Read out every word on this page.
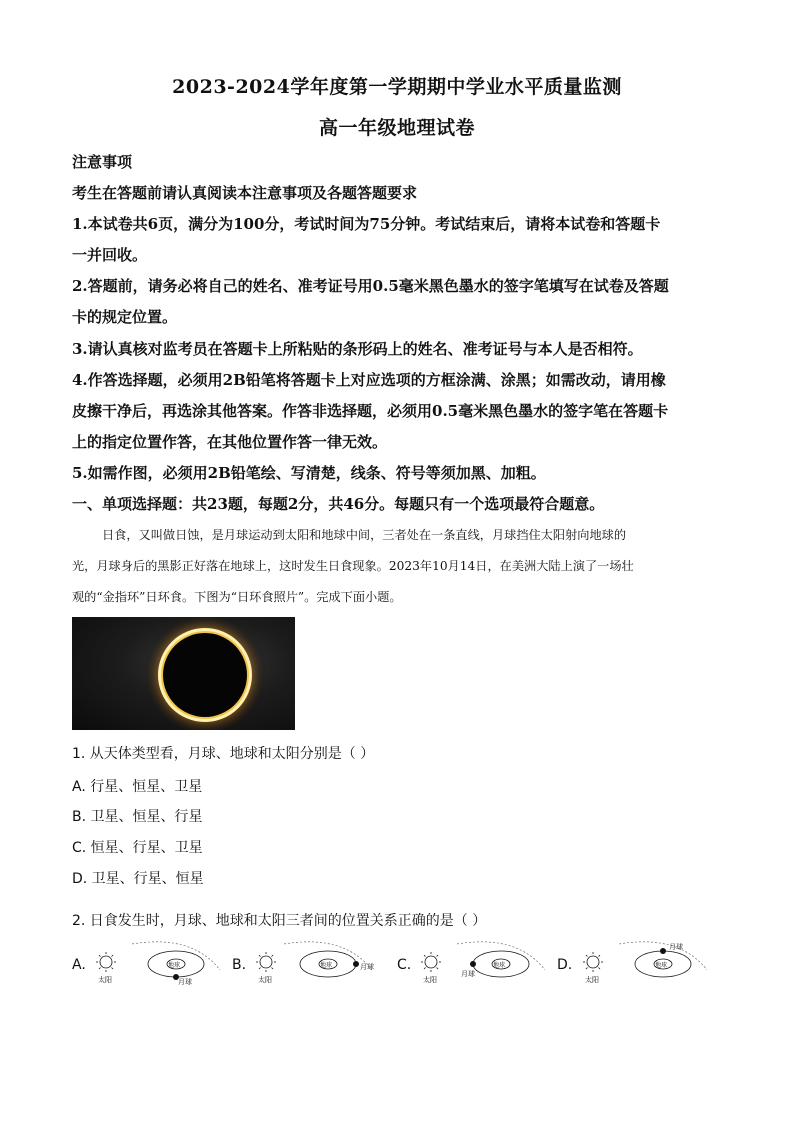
2023-2024学年度第一学期期中学业水平质量监测
高一年级地理试卷
注意事项
考生在答题前请认真阅读本注意事项及各题答题要求
1.本试卷共6页，满分为100分，考试时间为75分钟。考试结束后，请将本试卷和答题卡
一并回收。
2.答题前，请务必将自己的姓名、准考证号用0.5毫米黑色墨水的签字笔填写在试卷及答题
卡的规定位置。
3.请认真核对监考员在答题卡上所粘贴的条形码上的姓名、准考证号与本人是否相符。
4.作答选择题，必须用2B铅笔将答题卡上对应选项的方框涂满、涂黑；如需改动，请用橡
皮擦干净后，再选涂其他答案。作答非选择题，必须用0.5毫米黑色墨水的签字笔在答题卡
上的指定位置作答，在其他位置作答一律无效。
5.如需作图，必须用2B铅笔绘、写清楚，线条、符号等须加黑、加粗。
一、单项选择题：共23题，每题2分，共46分。每题只有一个选项最符合题意。

日食，又叫做日蚀，是月球运动到太阳和地球中间，三者处在一条直线，月球挡住太阳射向地球的

光，月球身后的黑影正好落在地球上，这时发生日食现象。2023年10月14日，在美洲大陆上演了一场壮

观的“金指环”日环食。下图为“日环食照片”。完成下面小题。

1. 从天体类型看，月球、地球和太阳分别是（ ）
A. 行星、恒星、卫星
B. 卫星、恒星、行星
C. 恒星、行星、卫星
D. 卫星、行星、恒星
2. 日食发生时，月球、地球和太阳三者间的位置关系正确的是（ ）
A.	地球
太阳	月球
B.	地球
太阳
月球 C.	地球
太阳
月球
D.	地球
太阳
月球
